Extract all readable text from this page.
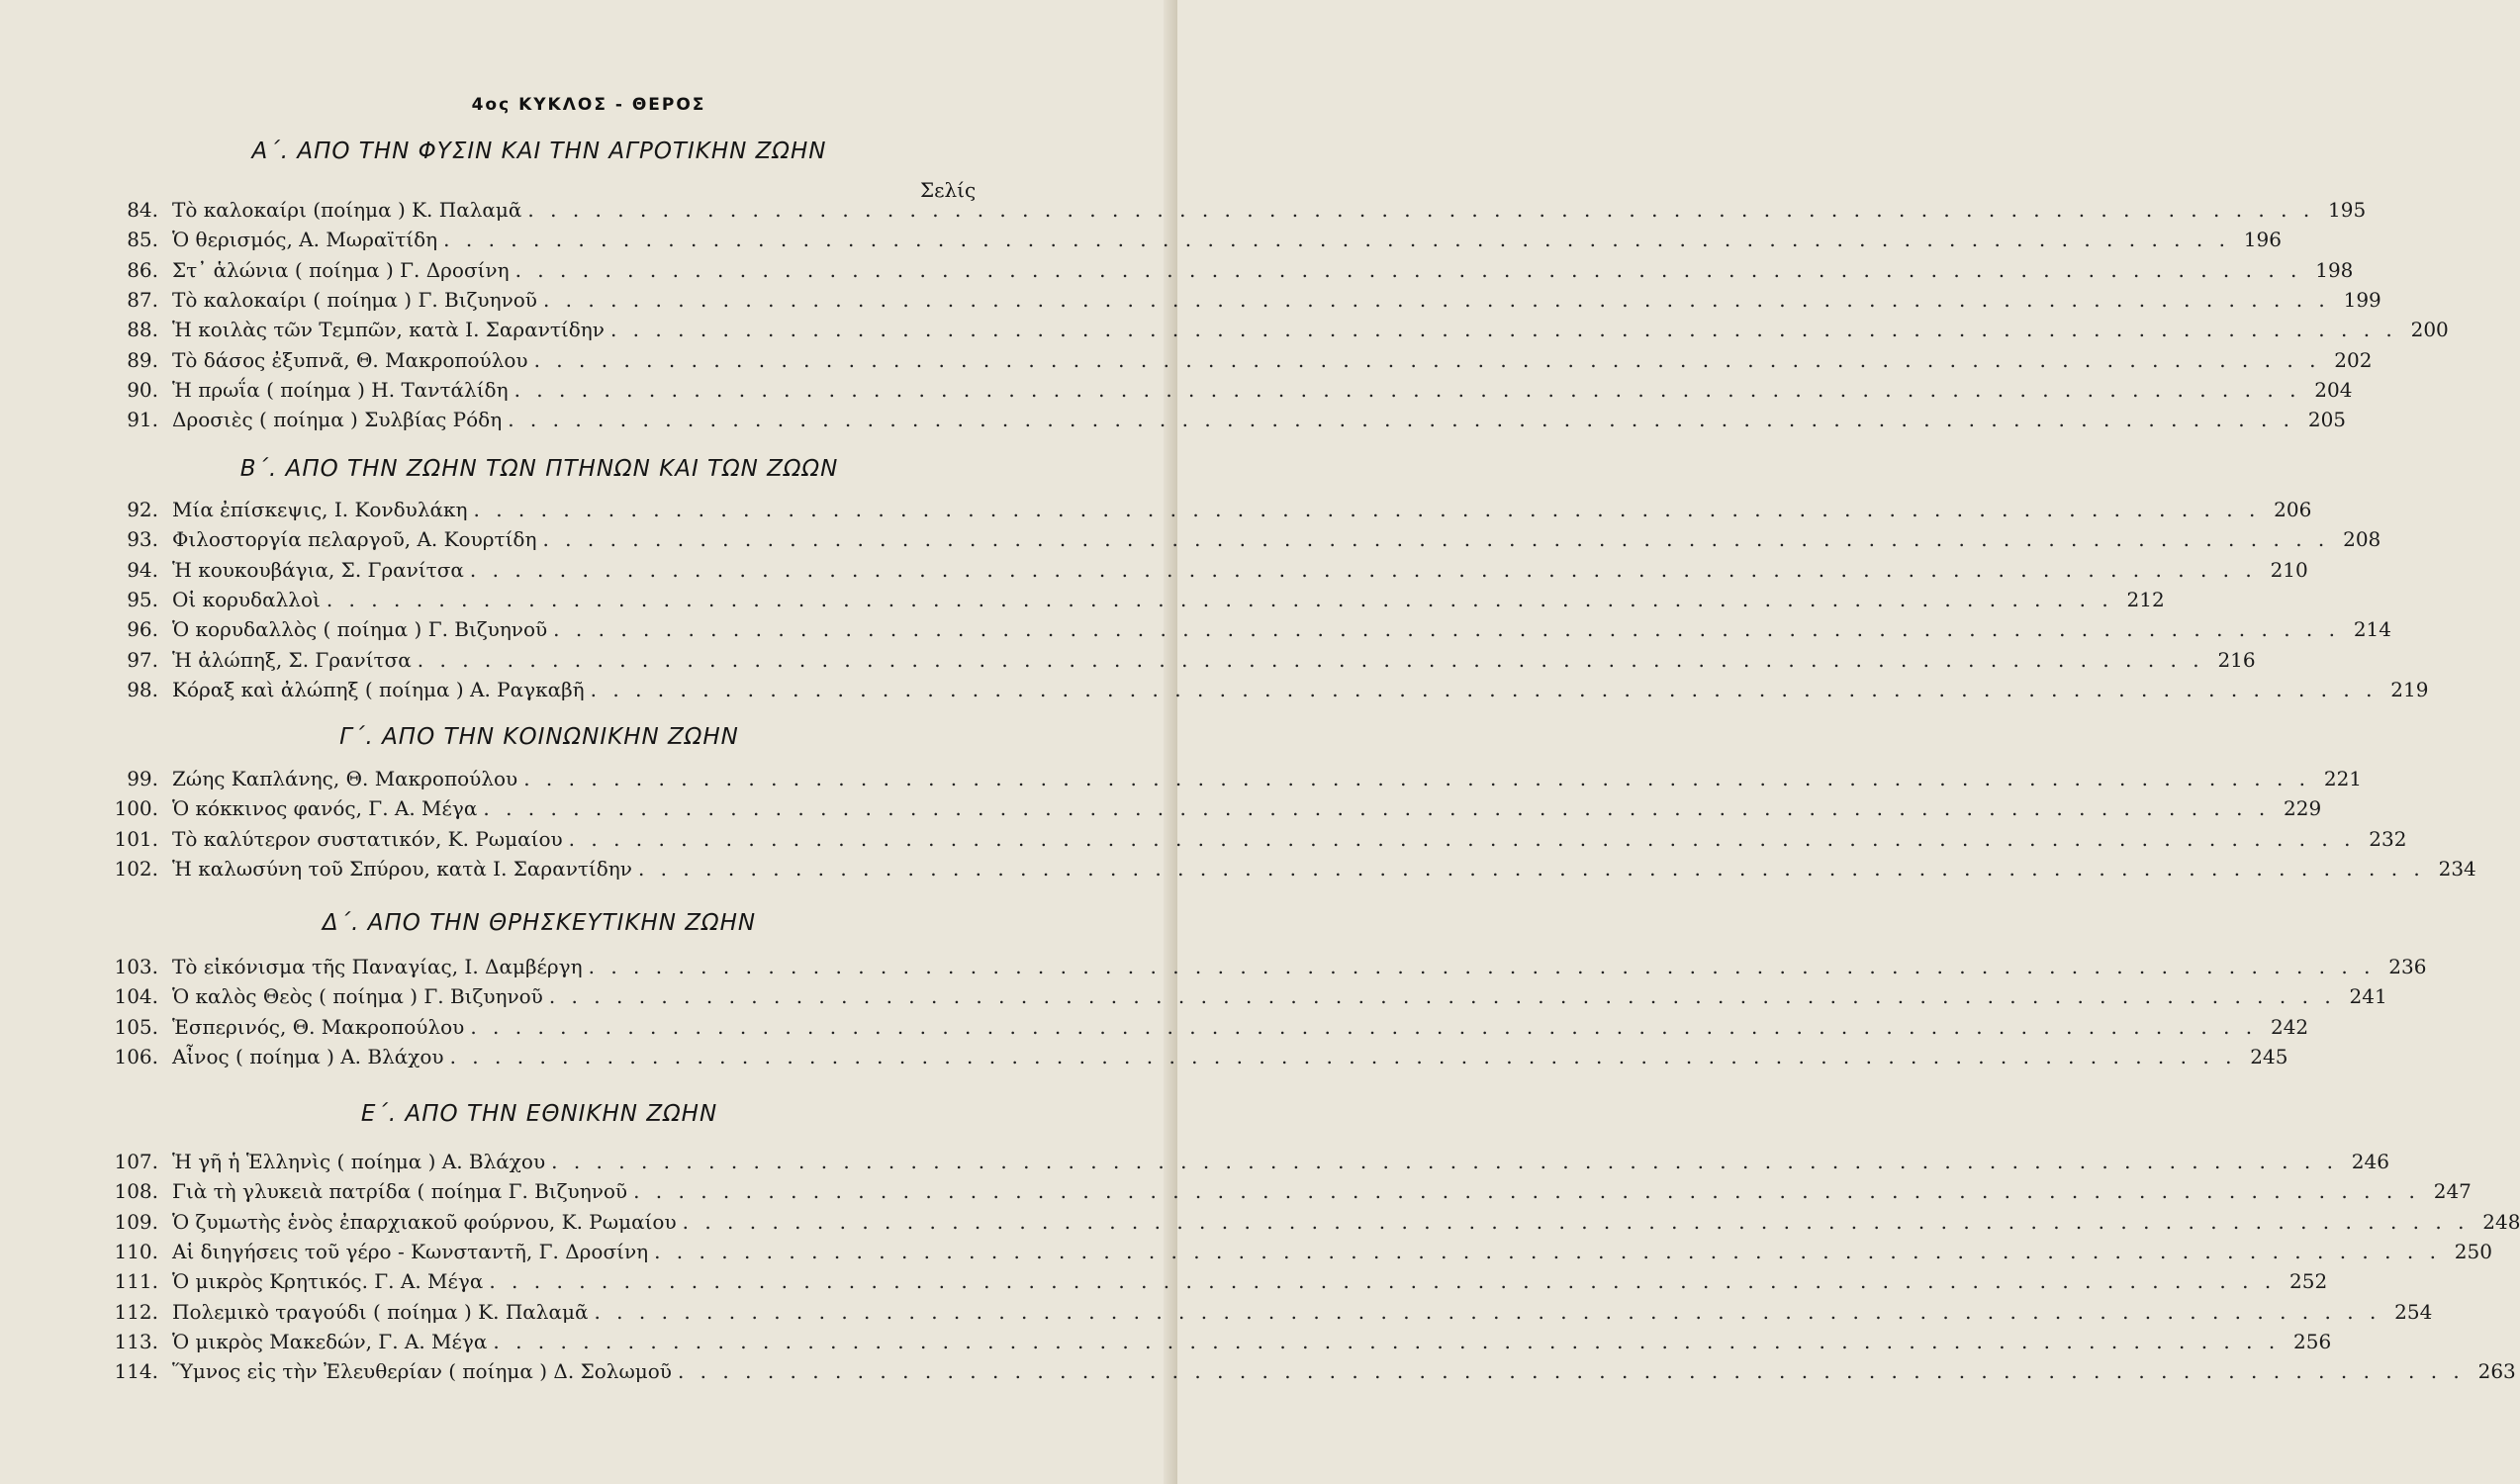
4ος ΚΥΚΛΟΣ - ΘΕΡΟΣ
Σελίς
Α΄. ΑΠΟ ΤΗΝ ΦΥΣΙΝ ΚΑΙ ΤΗΝ ΑΓΡΟΤΙΚΗΝ ΖΩΗΝ
84. Τὸ καλοκαίρι (ποίημα ) Κ. Παλαμᾶ . . . . . . . . . . . . . . . . . . . . . . . . . . . . . . . . . . . . . . . . . . . . . . . . . . . . . . . . . . . . . . . . . . . . . . . . . . . . . . . . 195
85. Ὁ θερισμός, Α. Μωραϊτίδη . . . . . . . . . . . . . . . . . . . . . . . . . . . . . . . . . . . . . . . . . . . . . . . . . . . . . . . . . . . . . . . . . . . . . . . . . . . . . . . . 196
86. Στ᾽ ἁλώνια ( ποίημα ) Γ. Δροσίνη . . . . . . . . . . . . . . . . . . . . . . . . . . . . . . . . . . . . . . . . . . . . . . . . . . . . . . . . . . . . . . . . . . . . . . . . . . . . . . . . 198
87. Τὸ καλοκαίρι ( ποίημα ) Γ. Βιζυηνοῦ . . . . . . . . . . . . . . . . . . . . . . . . . . . . . . . . . . . . . . . . . . . . . . . . . . . . . . . . . . . . . . . . . . . . . . . . . . . . . . . . 199
88. Ἡ κοιλὰς τῶν Τεμπῶν, κατὰ Ι. Σαραντίδην . . . . . . . . . . . . . . . . . . . . . . . . . . . . . . . . . . . . . . . . . . . . . . . . . . . . . . . . . . . . . . . . . . . . . . . . . . . . . . . . 200
89. Τὸ δάσος ἐξυπνᾶ, Θ. Μακροπούλου . . . . . . . . . . . . . . . . . . . . . . . . . . . . . . . . . . . . . . . . . . . . . . . . . . . . . . . . . . . . . . . . . . . . . . . . . . . . . . . . 202
90. Ἡ πρωΐα ( ποίημα ) Η. Ταντάλίδη . . . . . . . . . . . . . . . . . . . . . . . . . . . . . . . . . . . . . . . . . . . . . . . . . . . . . . . . . . . . . . . . . . . . . . . . . . . . . . . . 204
91. Δροσιὲς ( ποίημα ) Συλβίας Ρόδη . . . . . . . . . . . . . . . . . . . . . . . . . . . . . . . . . . . . . . . . . . . . . . . . . . . . . . . . . . . . . . . . . . . . . . . . . . . . . . . . 205
Β΄. ΑΠΟ ΤΗΝ ΖΩΗΝ ΤΩΝ ΠΤΗΝΩΝ ΚΑΙ ΤΩΝ ΖΩΩΝ
92. Μία ἐπίσκεψις, Ι. Κονδυλάκη . . . . . . . . . . . . . . . . . . . . . . . . . . . . . . . . . . . . . . . . . . . . . . . . . . . . . . . . . . . . . . . . . . . . . . . . . . . . . . . . 206
93. Φιλοστοργία πελαργοῦ, Α. Κουρτίδη . . . . . . . . . . . . . . . . . . . . . . . . . . . . . . . . . . . . . . . . . . . . . . . . . . . . . . . . . . . . . . . . . . . . . . . . . . . . . . . . 208
94. Ἡ κουκουβάγια, Σ. Γρανίτσα . . . . . . . . . . . . . . . . . . . . . . . . . . . . . . . . . . . . . . . . . . . . . . . . . . . . . . . . . . . . . . . . . . . . . . . . . . . . . . . . 210
95. Οἱ κορυδαλλοὶ . . . . . . . . . . . . . . . . . . . . . . . . . . . . . . . . . . . . . . . . . . . . . . . . . . . . . . . . . . . . . . . . . . . . . . . . . . . . . . . . 212
96. Ὁ κορυδαλλὸς ( ποίημα ) Γ. Βιζυηνοῦ . . . . . . . . . . . . . . . . . . . . . . . . . . . . . . . . . . . . . . . . . . . . . . . . . . . . . . . . . . . . . . . . . . . . . . . . . . . . . . . . 214
97. Ἡ ἀλώπηξ, Σ. Γρανίτσα . . . . . . . . . . . . . . . . . . . . . . . . . . . . . . . . . . . . . . . . . . . . . . . . . . . . . . . . . . . . . . . . . . . . . . . . . . . . . . . . 216
98. Κόραξ καὶ ἀλώπηξ ( ποίημα ) Α. Ραγκαβῆ . . . . . . . . . . . . . . . . . . . . . . . . . . . . . . . . . . . . . . . . . . . . . . . . . . . . . . . . . . . . . . . . . . . . . . . . . . . . . . . . 219
Γ΄. ΑΠΟ ΤΗΝ ΚΟΙΝΩΝΙΚΗΝ ΖΩΗΝ
99. Ζώης Καπλάνης, Θ. Μακροπούλου . . . . . . . . . . . . . . . . . . . . . . . . . . . . . . . . . . . . . . . . . . . . . . . . . . . . . . . . . . . . . . . . . . . . . . . . . . . . . . . . 221
100. Ὁ κόκκινος φανός, Γ. Α. Μέγα . . . . . . . . . . . . . . . . . . . . . . . . . . . . . . . . . . . . . . . . . . . . . . . . . . . . . . . . . . . . . . . . . . . . . . . . . . . . . . . . 229
101. Τὸ καλύτερον συστατικόν, Κ. Ρωμαίου . . . . . . . . . . . . . . . . . . . . . . . . . . . . . . . . . . . . . . . . . . . . . . . . . . . . . . . . . . . . . . . . . . . . . . . . . . . . . . . . 232
102. Ἡ καλωσύνη τοῦ Σπύρου, κατὰ Ι. Σαραντίδην . . . . . . . . . . . . . . . . . . . . . . . . . . . . . . . . . . . . . . . . . . . . . . . . . . . . . . . . . . . . . . . . . . . . . . . . . . . . . . . . 234
Δ΄. ΑΠΟ ΤΗΝ ΘΡΗΣΚΕΥΤΙΚΗΝ ΖΩΗΝ
103. Τὸ εἰκόνισμα τῆς Παναγίας, Ι. Δαμβέργη . . . . . . . . . . . . . . . . . . . . . . . . . . . . . . . . . . . . . . . . . . . . . . . . . . . . . . . . . . . . . . . . . . . . . . . . . . . . . . . . 236
104. Ὁ καλὸς Θεὸς ( ποίημα ) Γ. Βιζυηνοῦ . . . . . . . . . . . . . . . . . . . . . . . . . . . . . . . . . . . . . . . . . . . . . . . . . . . . . . . . . . . . . . . . . . . . . . . . . . . . . . . . 241
105. Ἑσπερινός, Θ. Μακροπούλου . . . . . . . . . . . . . . . . . . . . . . . . . . . . . . . . . . . . . . . . . . . . . . . . . . . . . . . . . . . . . . . . . . . . . . . . . . . . . . . . 242
106. Αἶνος ( ποίημα ) Α. Βλάχου . . . . . . . . . . . . . . . . . . . . . . . . . . . . . . . . . . . . . . . . . . . . . . . . . . . . . . . . . . . . . . . . . . . . . . . . . . . . . . . . 245
Ε΄. ΑΠΟ ΤΗΝ ΕΘΝΙΚΗΝ ΖΩΗΝ
107. Ἡ γῆ ἡ Ἑλληνὶς ( ποίημα ) Α. Βλάχου . . . . . . . . . . . . . . . . . . . . . . . . . . . . . . . . . . . . . . . . . . . . . . . . . . . . . . . . . . . . . . . . . . . . . . . . . . . . . . . . 246
108. Γιὰ τὴ γλυκειὰ πατρίδα ( ποίημα Γ. Βιζυηνοῦ . . . . . . . . . . . . . . . . . . . . . . . . . . . . . . . . . . . . . . . . . . . . . . . . . . . . . . . . . . . . . . . . . . . . . . . . . . . . . . . . 247
109. Ὁ ζυμωτὴς ἑνὸς ἐπαρχιακοῦ φούρνου, Κ. Ρωμαίου . . . . . . . . . . . . . . . . . . . . . . . . . . . . . . . . . . . . . . . . . . . . . . . . . . . . . . . . . . . . . . . . . . . . . . . . . . . . . . . . 248
110. Αἱ διηγήσεις τοῦ γέρο - Κωνσταντῆ, Γ. Δροσίνη . . . . . . . . . . . . . . . . . . . . . . . . . . . . . . . . . . . . . . . . . . . . . . . . . . . . . . . . . . . . . . . . . . . . . . . . . . . . . . . . 250
111. Ὁ μικρὸς Κρητικός. Γ. Α. Μέγα . . . . . . . . . . . . . . . . . . . . . . . . . . . . . . . . . . . . . . . . . . . . . . . . . . . . . . . . . . . . . . . . . . . . . . . . . . . . . . . . 252
112. Πολεμικὸ τραγούδι ( ποίημα ) Κ. Παλαμᾶ . . . . . . . . . . . . . . . . . . . . . . . . . . . . . . . . . . . . . . . . . . . . . . . . . . . . . . . . . . . . . . . . . . . . . . . . . . . . . . . . 254
113. Ὁ μικρὸς Μακεδών, Γ. Α. Μέγα . . . . . . . . . . . . . . . . . . . . . . . . . . . . . . . . . . . . . . . . . . . . . . . . . . . . . . . . . . . . . . . . . . . . . . . . . . . . . . . . 256
114. Ὕμνος εἰς τὴν Ἐλευθερίαν ( ποίημα ) Δ. Σολωμοῦ . . . . . . . . . . . . . . . . . . . . . . . . . . . . . . . . . . . . . . . . . . . . . . . . . . . . . . . . . . . . . . . . . . . . . . . . . . . . . . . . 263
